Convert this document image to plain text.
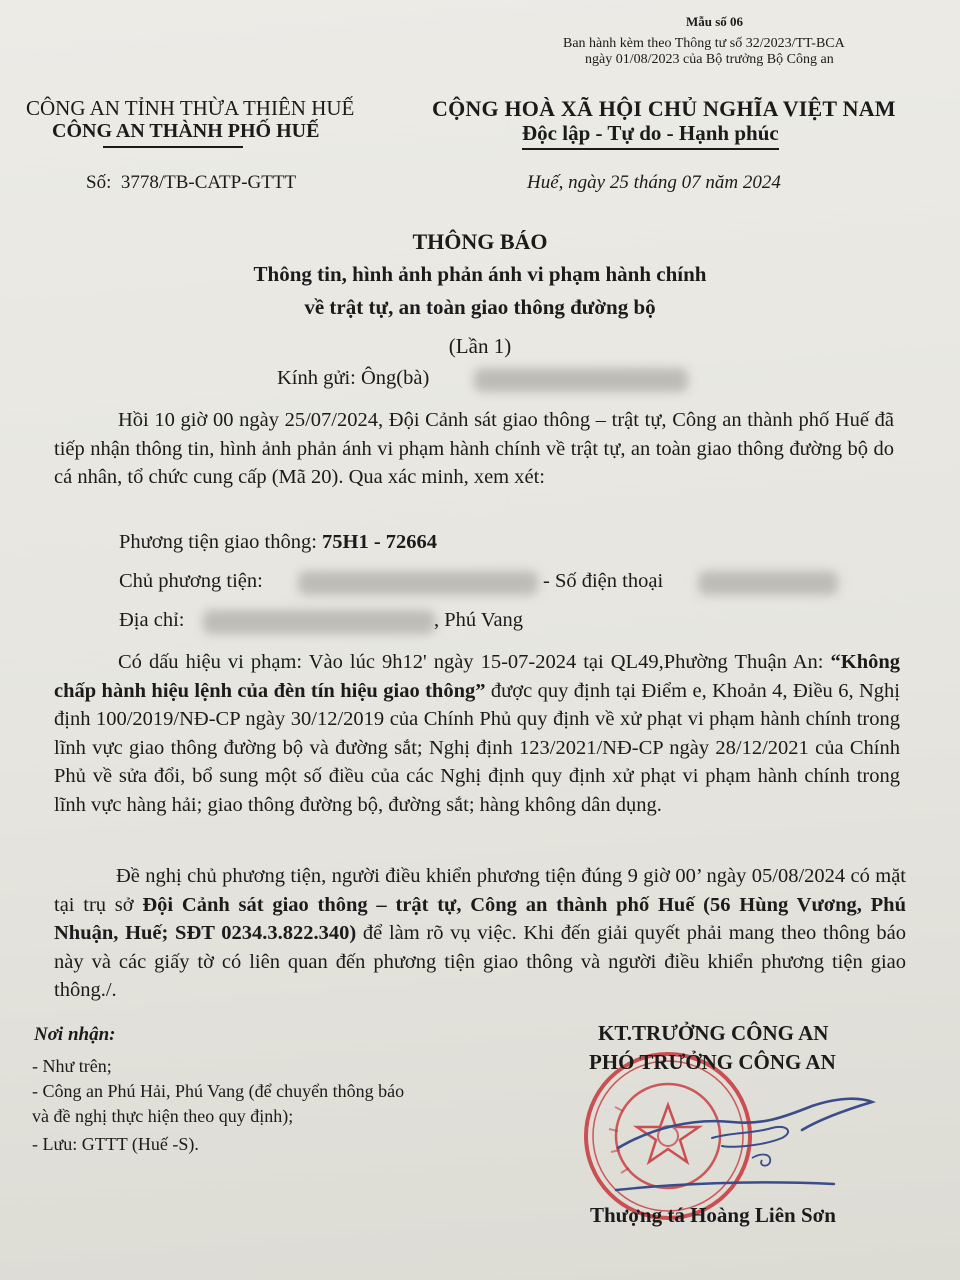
Mẫu số 06
Ban hành kèm theo Thông tư số 32/2023/TT-BCA
ngày 01/08/2023 của Bộ trưởng Bộ Công an
CÔNG AN TỈNH THỪA THIÊN HUẾ
CÔNG AN THÀNH PHỐ HUẾ
CỘNG HOÀ XÃ HỘI CHỦ NGHĨA VIỆT NAM
Độc lập - Tự do - Hạnh phúc
Số: 3778/TB-CATP-GTTT	Huế, ngày 25 tháng 07 năm 2024
THÔNG BÁO
Thông tin, hình ảnh phản ánh vi phạm hành chính
về trật tự, an toàn giao thông đường bộ
(Lần 1)
Kính gửi: Ông(bà)

Hồi 10 giờ 00 ngày 25/07/2024, Đội Cảnh sát giao thông – trật tự, Công an thành phố Huế đã tiếp nhận thông tin, hình ảnh phản ánh vi phạm hành chính về trật tự, an toàn giao thông đường bộ do cá nhân, tổ chức cung cấp (Mã 20). Qua xác minh, xem xét:

Phương tiện giao thông: 75H1 - 72664
Chủ phương tiện:	- Số điện thoại
Địa chỉ:	, Phú Vang

Có dấu hiệu vi phạm: Vào lúc 9h12' ngày 15-07-2024 tại QL49,Phường Thuận An: “Không chấp hành hiệu lệnh của đèn tín hiệu giao thông” được quy định tại Điểm e, Khoản 4, Điều 6, Nghị định 100/2019/NĐ-CP ngày 30/12/2019 của Chính Phủ quy định về xử phạt vi phạm hành chính trong lĩnh vực giao thông đường bộ và đường sắt; Nghị định 123/2021/NĐ-CP ngày 28/12/2021 của Chính Phủ về sửa đổi, bổ sung một số điều của các Nghị định quy định xử phạt vi phạm hành chính trong lĩnh vực hàng hải; giao thông đường bộ, đường sắt; hàng không dân dụng.

Đề nghị chủ phương tiện, người điều khiển phương tiện đúng 9 giờ 00’ ngày 05/08/2024 có mặt tại trụ sở Đội Cảnh sát giao thông – trật tự, Công an thành phố Huế (56 Hùng Vương, Phú Nhuận, Huế; SĐT 0234.3.822.340) để làm rõ vụ việc. Khi đến giải quyết phải mang theo thông báo này và các giấy tờ có liên quan đến phương tiện giao thông và người điều khiển phương tiện giao thông./.

Nơi nhận:
- Như trên;
- Công an Phú Hải, Phú Vang (để chuyển thông báo
và đề nghị thực hiện theo quy định);
- Lưu: GTTT (Huế -S).
KT.TRƯỞNG CÔNG AN
PHÓ TRƯỞNG CÔNG AN
Thượng tá Hoàng Liên Sơn
